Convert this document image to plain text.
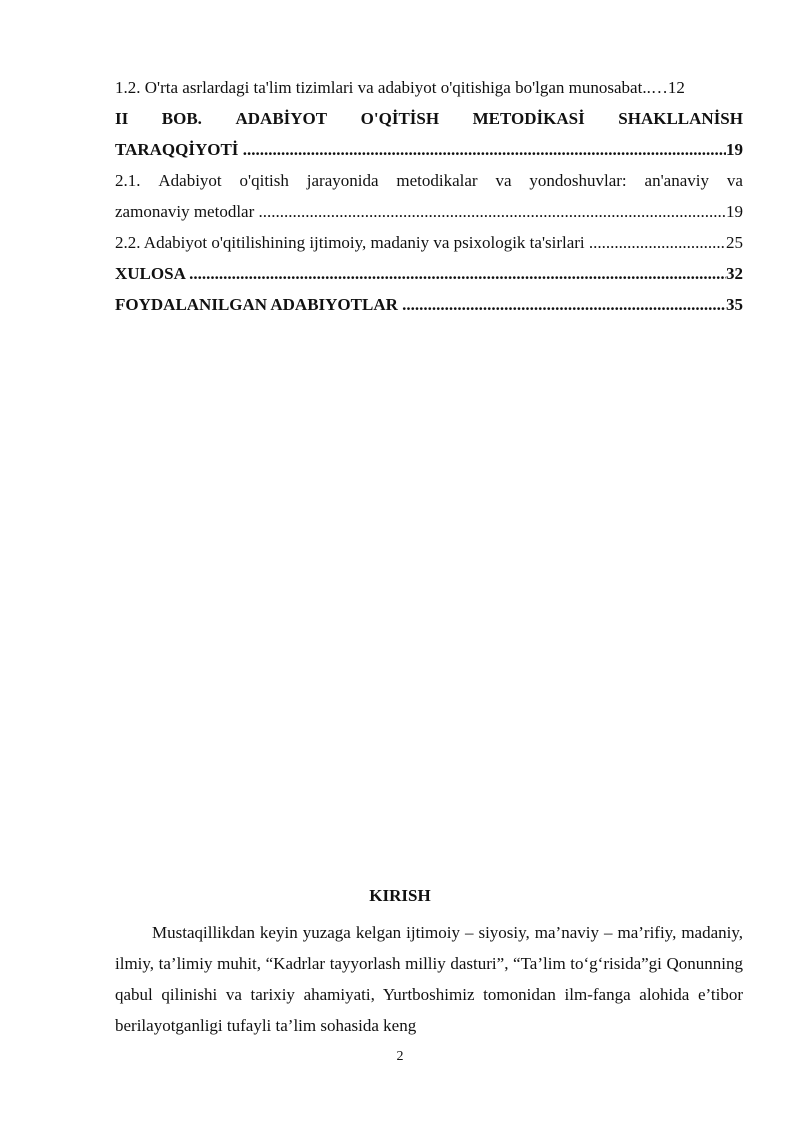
1.2. O'rta asrlardagi ta'lim tizimlari va adabiyot o'qitishiga bo'lgan munosabat ..…12
II BOB. ADABİYOT O'QİTİSH METODİKASİ SHAKLLANİSH
TARAQQİYOTİ .....	19
2.1. Adabiyot o'qitish jarayonida metodikalar va yondoshuvlar: an'anaviy va
zamonaviy metodlar .....	19
2.2. Adabiyot o'qitilishining ijtimoiy, madaniy va psixologik ta'sirlari .....	25
XULOSA .....	32
FOYDALANILGAN ADABIYOTLAR .....	35
KIRISH
Mustaqillikdan keyin yuzaga kelgan ijtimoiy – siyosiy, ma’naviy – ma’rifiy, madaniy, ilmiy, ta’limiy muhit, “Kadrlar tayyorlash milliy dasturi”, “Ta’lim to‘g‘risida”gi Qonunning qabul qilinishi va tarixiy ahamiyati, Yurtboshimiz tomonidan ilm-fanga alohida e’tibor berilayotganligi tufayli ta’lim sohasida keng
2
